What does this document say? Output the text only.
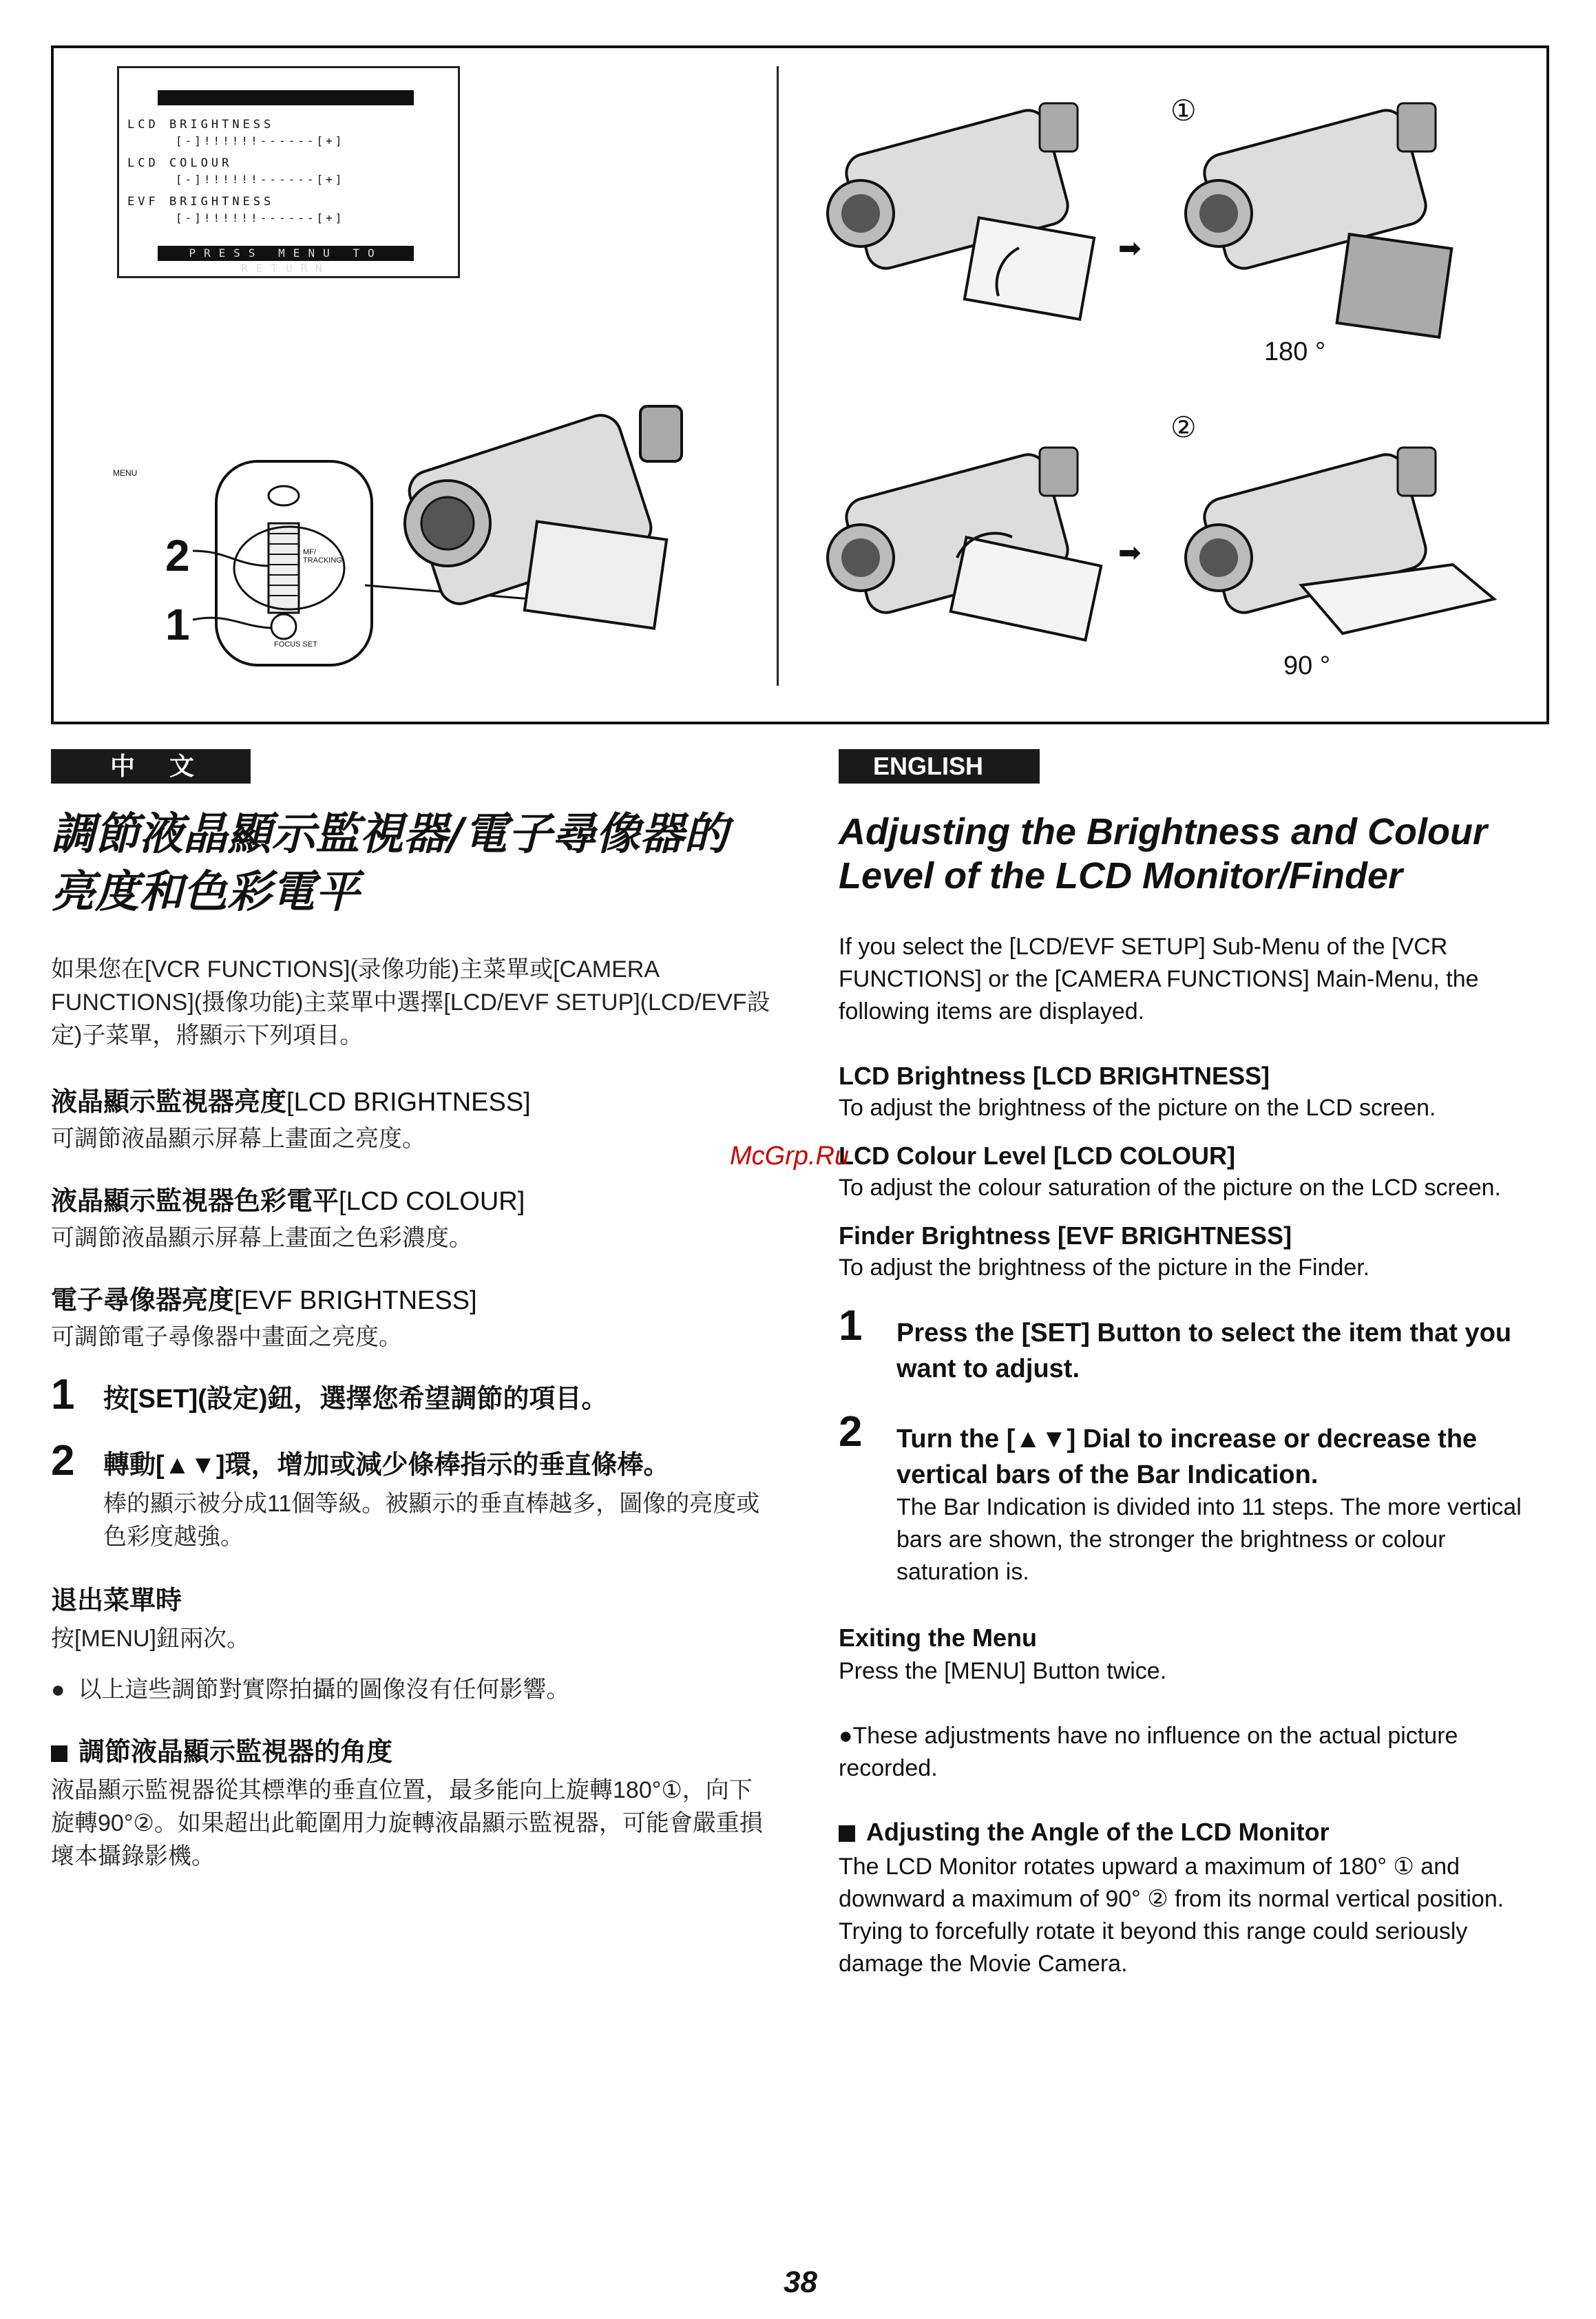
LCD BRIGHTNESS
[-]!!!!!!------[+]
LCD COLOUR
[-]!!!!!!------[+]
EVF BRIGHTNESS
[-]!!!!!!------[+]
PRESS MENU TO RETURN
MENU
MF/ TRACKING
FOCUS SET
2
1
①
180 °
②
90 °
➡
➡
中 文
調節液晶顯示監視器/電子尋像器的
亮度和色彩電平
如果您在[VCR FUNCTIONS](录像功能)主菜單或[CAMERA FUNCTIONS](摄像功能)主菜單中選擇[LCD/EVF SETUP](LCD/EVF設定)子菜單，將顯示下列項目。
液晶顯示監視器亮度[LCD BRIGHTNESS]
可調節液晶顯示屏幕上畫面之亮度。
液晶顯示監視器色彩電平[LCD COLOUR]
可調節液晶顯示屏幕上畫面之色彩濃度。
電子尋像器亮度[EVF BRIGHTNESS]
可調節電子尋像器中畫面之亮度。
1 按[SET](設定)鈕，選擇您希望調節的項目。
2 轉動[▲▼]環，增加或減少條棒指示的垂直條棒。
棒的顯示被分成11個等級。被顯示的垂直棒越多，圖像的亮度或色彩度越強。
退出菜單時
按[MENU]鈕兩次。
●  以上這些調節對實際拍攝的圖像沒有任何影響。
調節液晶顯示監視器的角度
液晶顯示監視器從其標準的垂直位置，最多能向上旋轉180°①，向下旋轉90°②。如果超出此範圍用力旋轉液晶顯示監視器，可能會嚴重損壞本攝錄影機。
ENGLISH
Adjusting the Brightness and Colour
Level of the LCD Monitor/Finder
If you select the [LCD/EVF SETUP] Sub-Menu of the [VCR FUNCTIONS] or the [CAMERA FUNCTIONS] Main-Menu, the following items are displayed.
LCD Brightness [LCD BRIGHTNESS]
To adjust the brightness of the picture on the LCD screen.
LCD Colour Level [LCD COLOUR]
To adjust the colour saturation of the picture on the LCD screen.
Finder Brightness [EVF BRIGHTNESS]
To adjust the brightness of the picture in the Finder.
1 Press the [SET] Button to select the item that you want to adjust.
2 Turn the [▲▼] Dial to increase or decrease the vertical bars of the Bar Indication.
The Bar Indication is divided into 11 steps. The more vertical bars are shown, the stronger the brightness or colour saturation is.
Exiting the Menu
Press the [MENU] Button twice.
●These adjustments have no influence on the actual picture recorded.
Adjusting the Angle of the LCD Monitor
The LCD Monitor rotates upward a maximum of 180° ① and downward a maximum of 90° ② from its normal vertical position. Trying to forcefully rotate it beyond this range could seriously damage the Movie Camera.
McGrp.Ru
38
